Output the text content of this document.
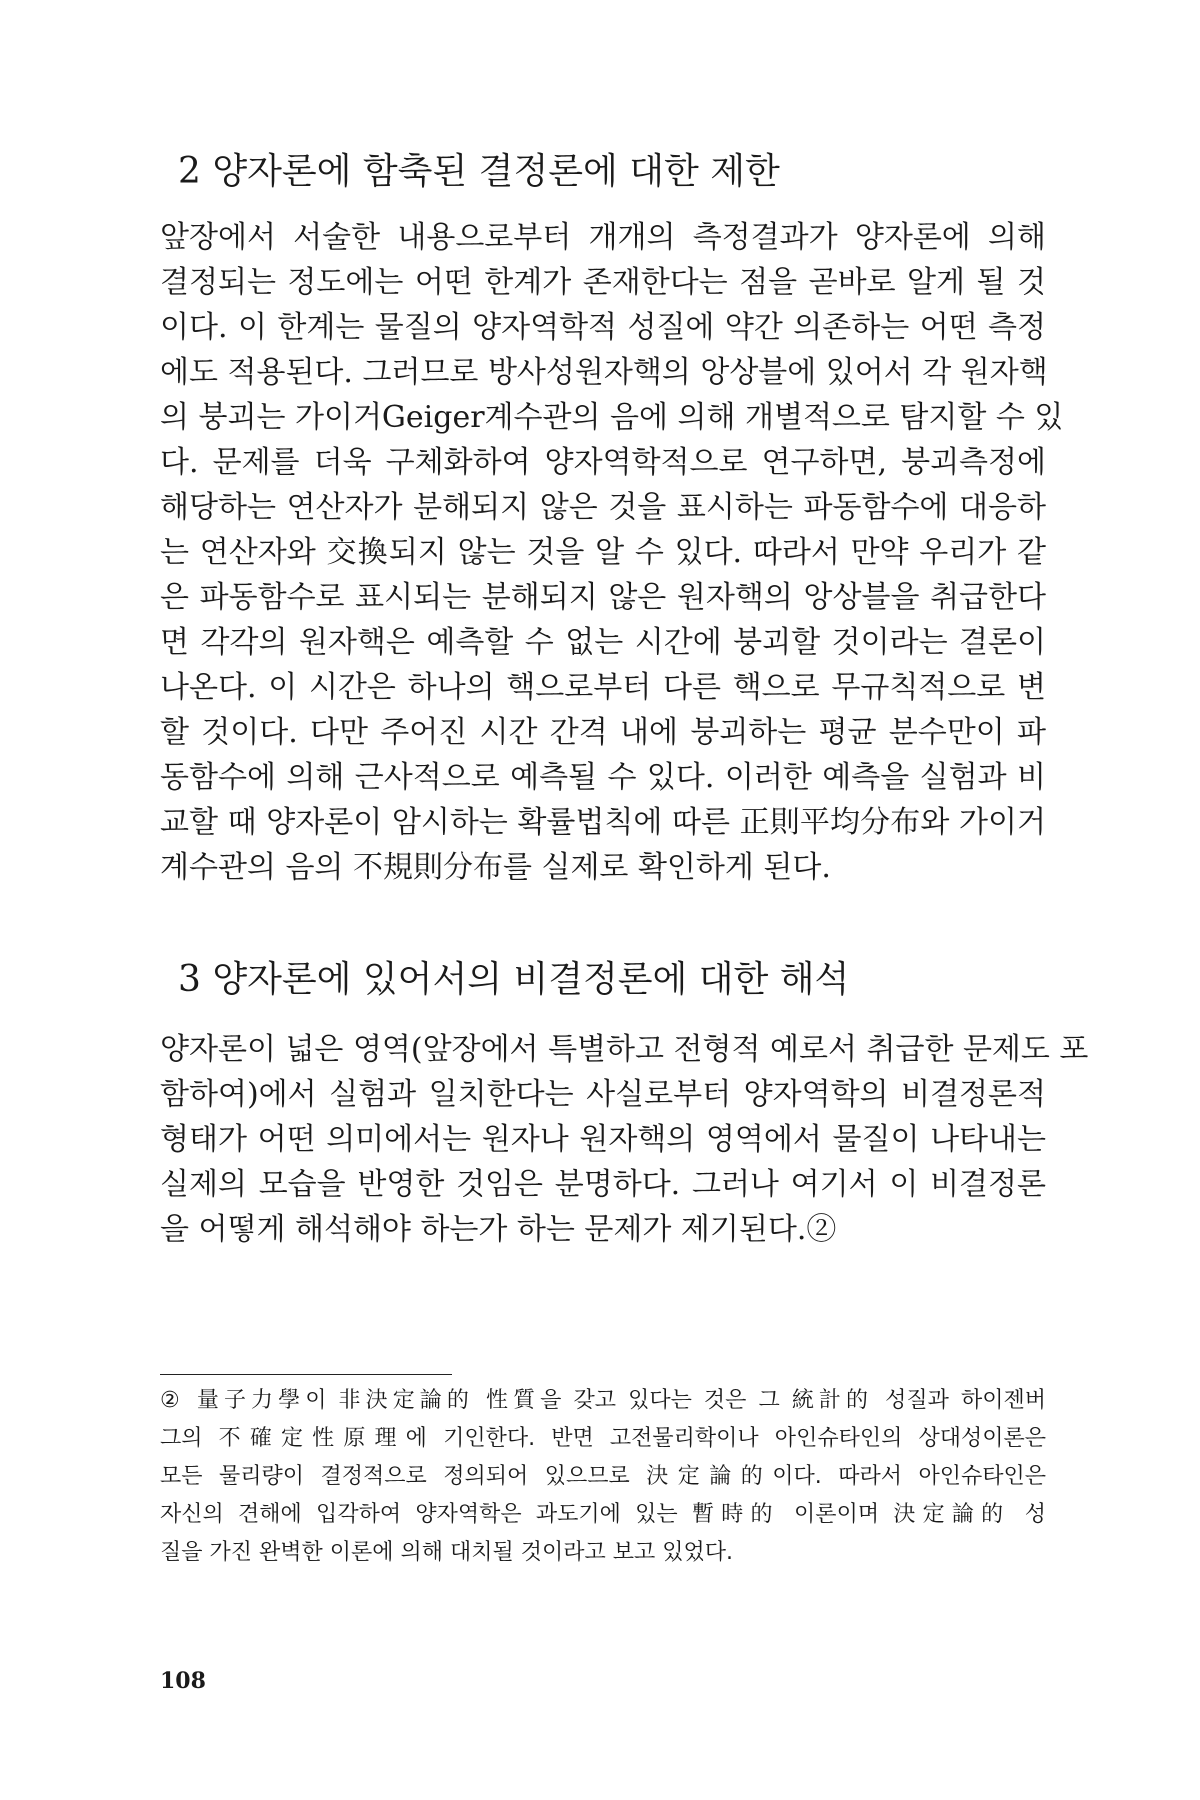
2 양자론에 함축된 결정론에 대한 제한
앞장에서 서술한 내용으로부터 개개의 측정결과가 양자론에 의해
결정되는 정도에는 어떤 한계가 존재한다는 점을 곧바로 알게 될 것
이다. 이 한계는 물질의 양자역학적 성질에 약간 의존하는 어떤 측정
에도 적용된다. 그러므로 방사성원자핵의 앙상블에 있어서 각 원자핵
의 붕괴는 가이거Geiger계수관의 음에 의해 개별적으로 탐지할 수 있
다. 문제를 더욱 구체화하여 양자역학적으로 연구하면, 붕괴측정에
해당하는 연산자가 분해되지 않은 것을 표시하는 파동함수에 대응하
는 연산자와 交換되지 않는 것을 알 수 있다. 따라서 만약 우리가 같
은 파동함수로 표시되는 분해되지 않은 원자핵의 앙상블을 취급한다
면 각각의 원자핵은 예측할 수 없는 시간에 붕괴할 것이라는 결론이
나온다. 이 시간은 하나의 핵으로부터 다른 핵으로 무규칙적으로 변
할 것이다. 다만 주어진 시간 간격 내에 붕괴하는 평균 분수만이 파
동함수에 의해 근사적으로 예측될 수 있다. 이러한 예측을 실험과 비
교할 때 양자론이 암시하는 확률법칙에 따른 正則平均分布와 가이거
계수관의 음의 不規則分布를 실제로 확인하게 된다.
3 양자론에 있어서의 비결정론에 대한 해석
양자론이 넓은 영역(앞장에서 특별하고 전형적 예로서 취급한 문제도 포
함하여)에서 실험과 일치한다는 사실로부터 양자역학의 비결정론적
형태가 어떤 의미에서는 원자나 원자핵의 영역에서 물질이 나타내는
실제의 모습을 반영한 것임은 분명하다. 그러나 여기서 이 비결정론
을 어떻게 해석해야 하는가 하는 문제가 제기된다.②
② 量子力學이 非決定論的 性質을 갖고 있다는 것은 그 統計的 성질과 하이젠버
그의 不確定性原理에 기인한다. 반면 고전물리학이나 아인슈타인의 상대성이론은
모든 물리량이 결정적으로 정의되어 있으므로 決定論的이다. 따라서 아인슈타인은
자신의 견해에 입각하여 양자역학은 과도기에 있는 暫時的 이론이며 決定論的 성
질을 가진 완벽한 이론에 의해 대치될 것이라고 보고 있었다.
108
